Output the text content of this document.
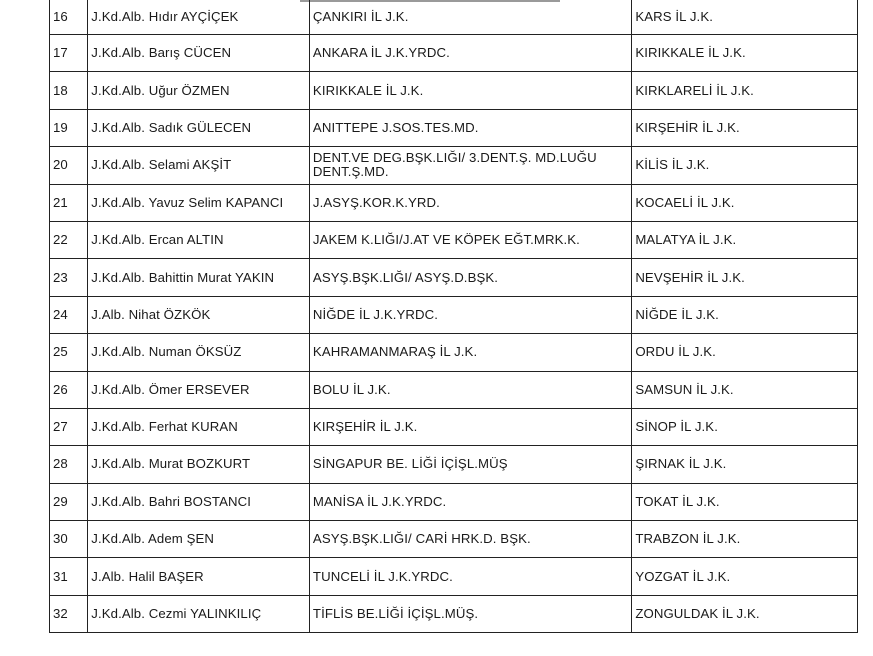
16	J.Kd.Alb. Hıdır AYÇİÇEK	ÇANKIRI İL J.K.	KARS İL J.K.
17	J.Kd.Alb. Barış CÜCEN	ANKARA İL J.K.YRDC.	KIRIKKALE İL J.K.
18	J.Kd.Alb. Uğur ÖZMEN	KIRIKKALE İL J.K.	KIRKLARELİ İL J.K.
19	J.Kd.Alb. Sadık GÜLECEN	ANITTEPE J.SOS.TES.MD.	KIRŞEHİR İL J.K.
20	J.Kd.Alb. Selami AKŞİT	DENT.VE DEG.BŞK.LIĞI/ 3.DENT.Ş. MD.LUĞU DENT.Ş.MD.	KİLİS İL J.K.
21	J.Kd.Alb. Yavuz Selim KAPANCI	J.ASYŞ.KOR.K.YRD.	KOCAELİ İL J.K.
22	J.Kd.Alb. Ercan ALTIN	JAKEM K.LIĞI/J.AT VE KÖPEK EĞT.MRK.K.	MALATYA İL J.K.
23	J.Kd.Alb. Bahittin Murat YAKIN	ASYŞ.BŞK.LIĞI/ ASYŞ.D.BŞK.	NEVŞEHİR İL J.K.
24	J.Alb. Nihat ÖZKÖK	NİĞDE İL J.K.YRDC.	NİĞDE İL J.K.
25	J.Kd.Alb. Numan ÖKSÜZ	KAHRAMANMARAŞ İL J.K.	ORDU İL J.K.
26	J.Kd.Alb. Ömer ERSEVER	BOLU İL J.K.	SAMSUN İL J.K.
27	J.Kd.Alb. Ferhat KURAN	KIRŞEHİR İL J.K.	SİNOP İL J.K.
28	J.Kd.Alb. Murat BOZKURT	SİNGAPUR BE. LİĞİ İÇİŞL.MÜŞ	ŞIRNAK İL J.K.
29	J.Kd.Alb. Bahri BOSTANCI	MANİSA İL J.K.YRDC.	TOKAT İL J.K.
30	J.Kd.Alb. Adem ŞEN	ASYŞ.BŞK.LIĞI/ CARİ HRK.D. BŞK.	TRABZON İL J.K.
31	J.Alb. Halil BAŞER	TUNCELİ İL J.K.YRDC.	YOZGAT İL J.K.
32	J.Kd.Alb. Cezmi YALINKILIÇ	TİFLİS BE.LİĞİ İÇİŞL.MÜŞ.	ZONGULDAK İL J.K.
